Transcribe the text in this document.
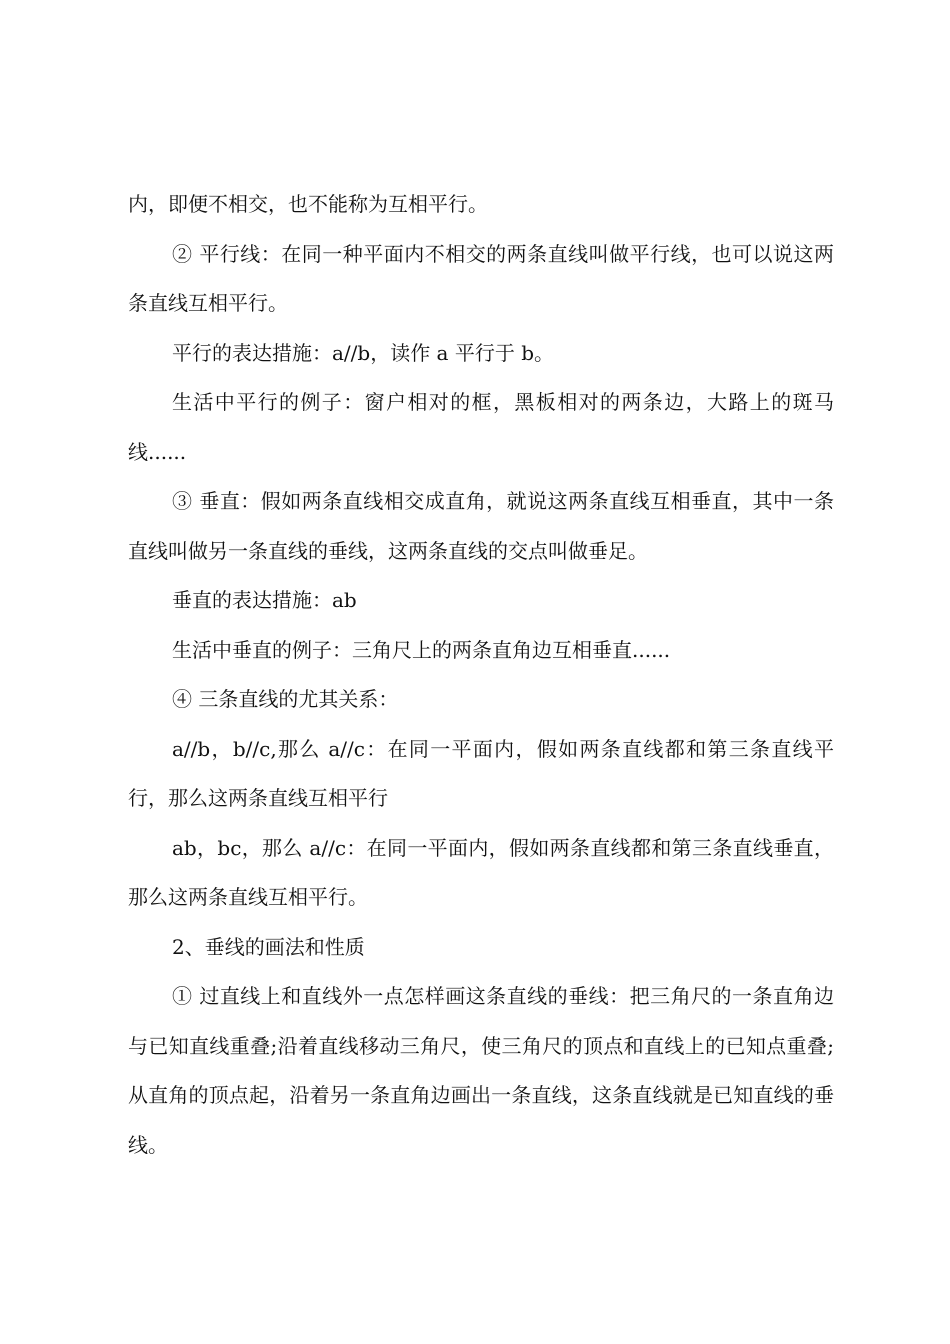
内，即便不相交，也不能称为互相平行。

② 平行线：在同一种平面内不相交的两条直线叫做平行线，也可以说这两条直线互相平行。

平行的表达措施：a//b，读作 a 平行于 b。

生活中平行的例子：窗户相对的框，黑板相对的两条边，大路上的斑马线......

③ 垂直：假如两条直线相交成直角，就说这两条直线互相垂直，其中一条直线叫做另一条直线的垂线，这两条直线的交点叫做垂足。

垂直的表达措施：ab

生活中垂直的例子：三角尺上的两条直角边互相垂直......

④ 三条直线的尤其关系：

a//b，b//c,那么 a//c：在同一平面内，假如两条直线都和第三条直线平行，那么这两条直线互相平行

ab，bc，那么 a//c：在同一平面内，假如两条直线都和第三条直线垂直，那么这两条直线互相平行。

2、垂线的画法和性质

① 过直线上和直线外一点怎样画这条直线的垂线：把三角尺的一条直角边与已知直线重叠;沿着直线移动三角尺，使三角尺的顶点和直线上的已知点重叠;从直角的顶点起，沿着另一条直角边画出一条直线，这条直线就是已知直线的垂线。
